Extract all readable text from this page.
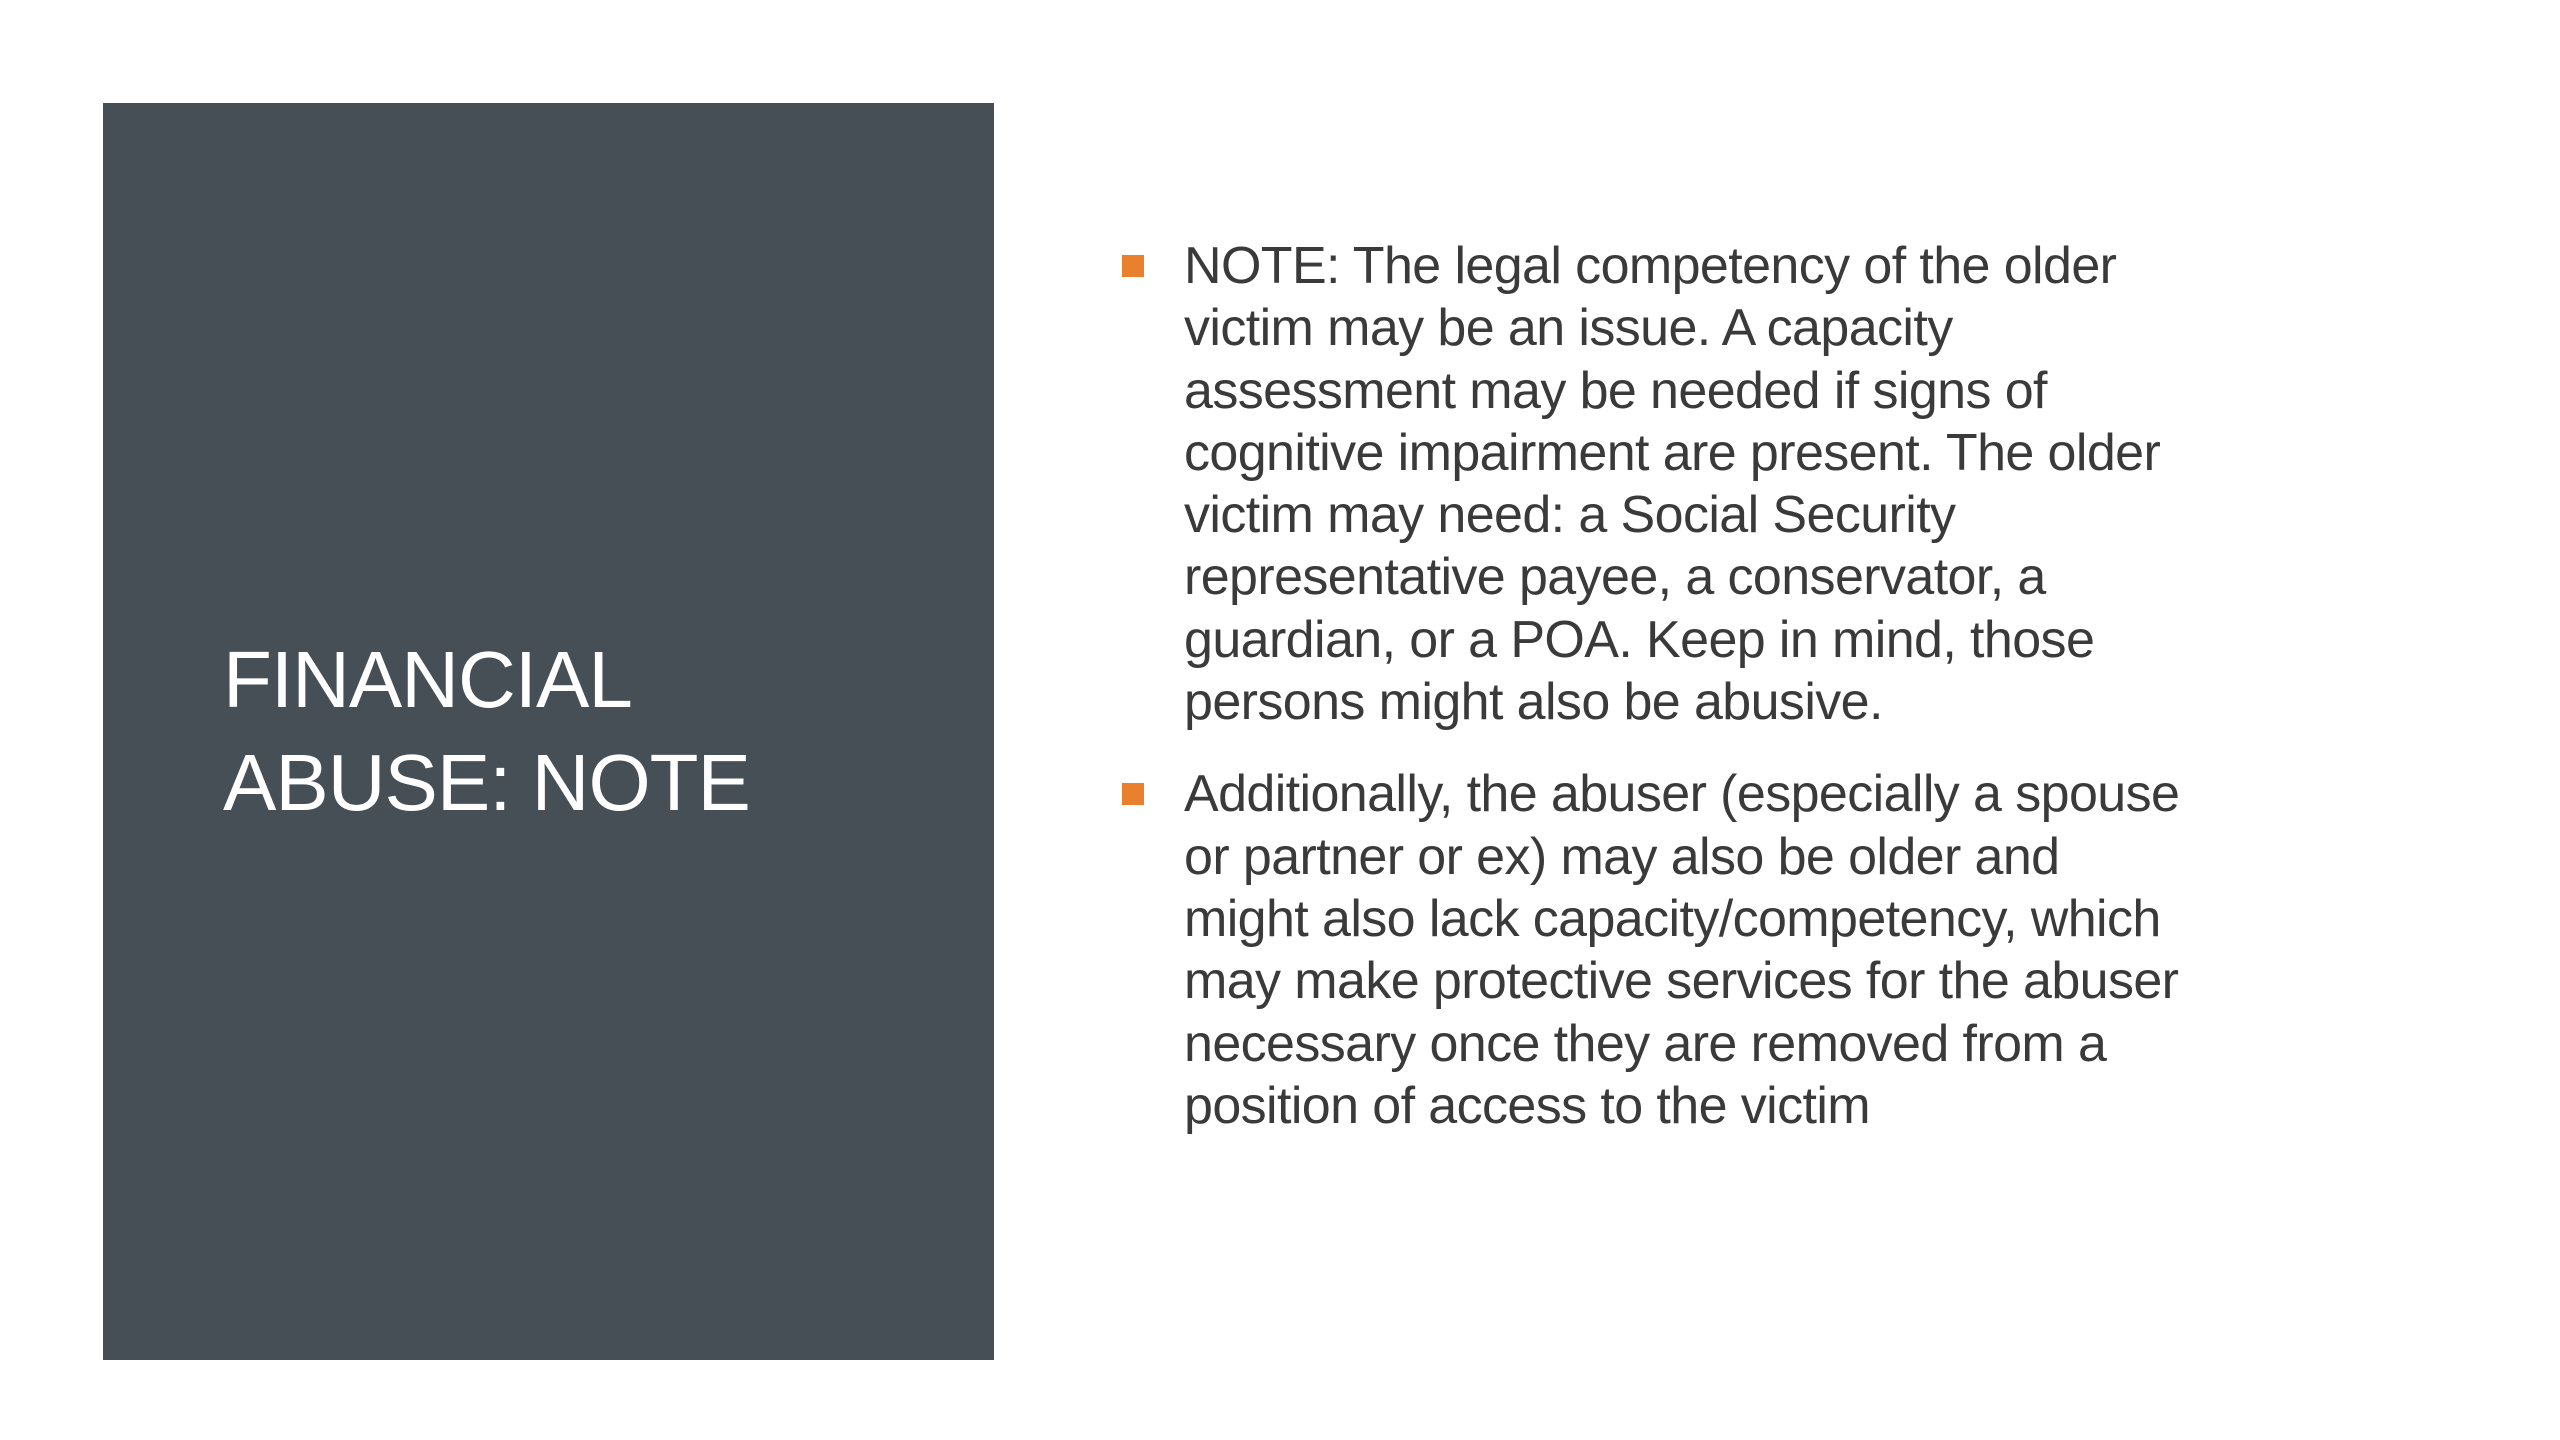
FINANCIAL
ABUSE: NOTE
NOTE: The legal competency of the older
victim may be an issue. A capacity
assessment may be needed if signs of
cognitive impairment are present. The older
victim may need: a Social Security
representative payee, a conservator, a
guardian, or a POA. Keep in mind, those
persons might also be abusive.
Additionally, the abuser (especially a spouse
or partner or ex) may also be older and
might also lack capacity/competency, which
may make protective services for the abuser
necessary once they are removed from a
position of access to the victim
